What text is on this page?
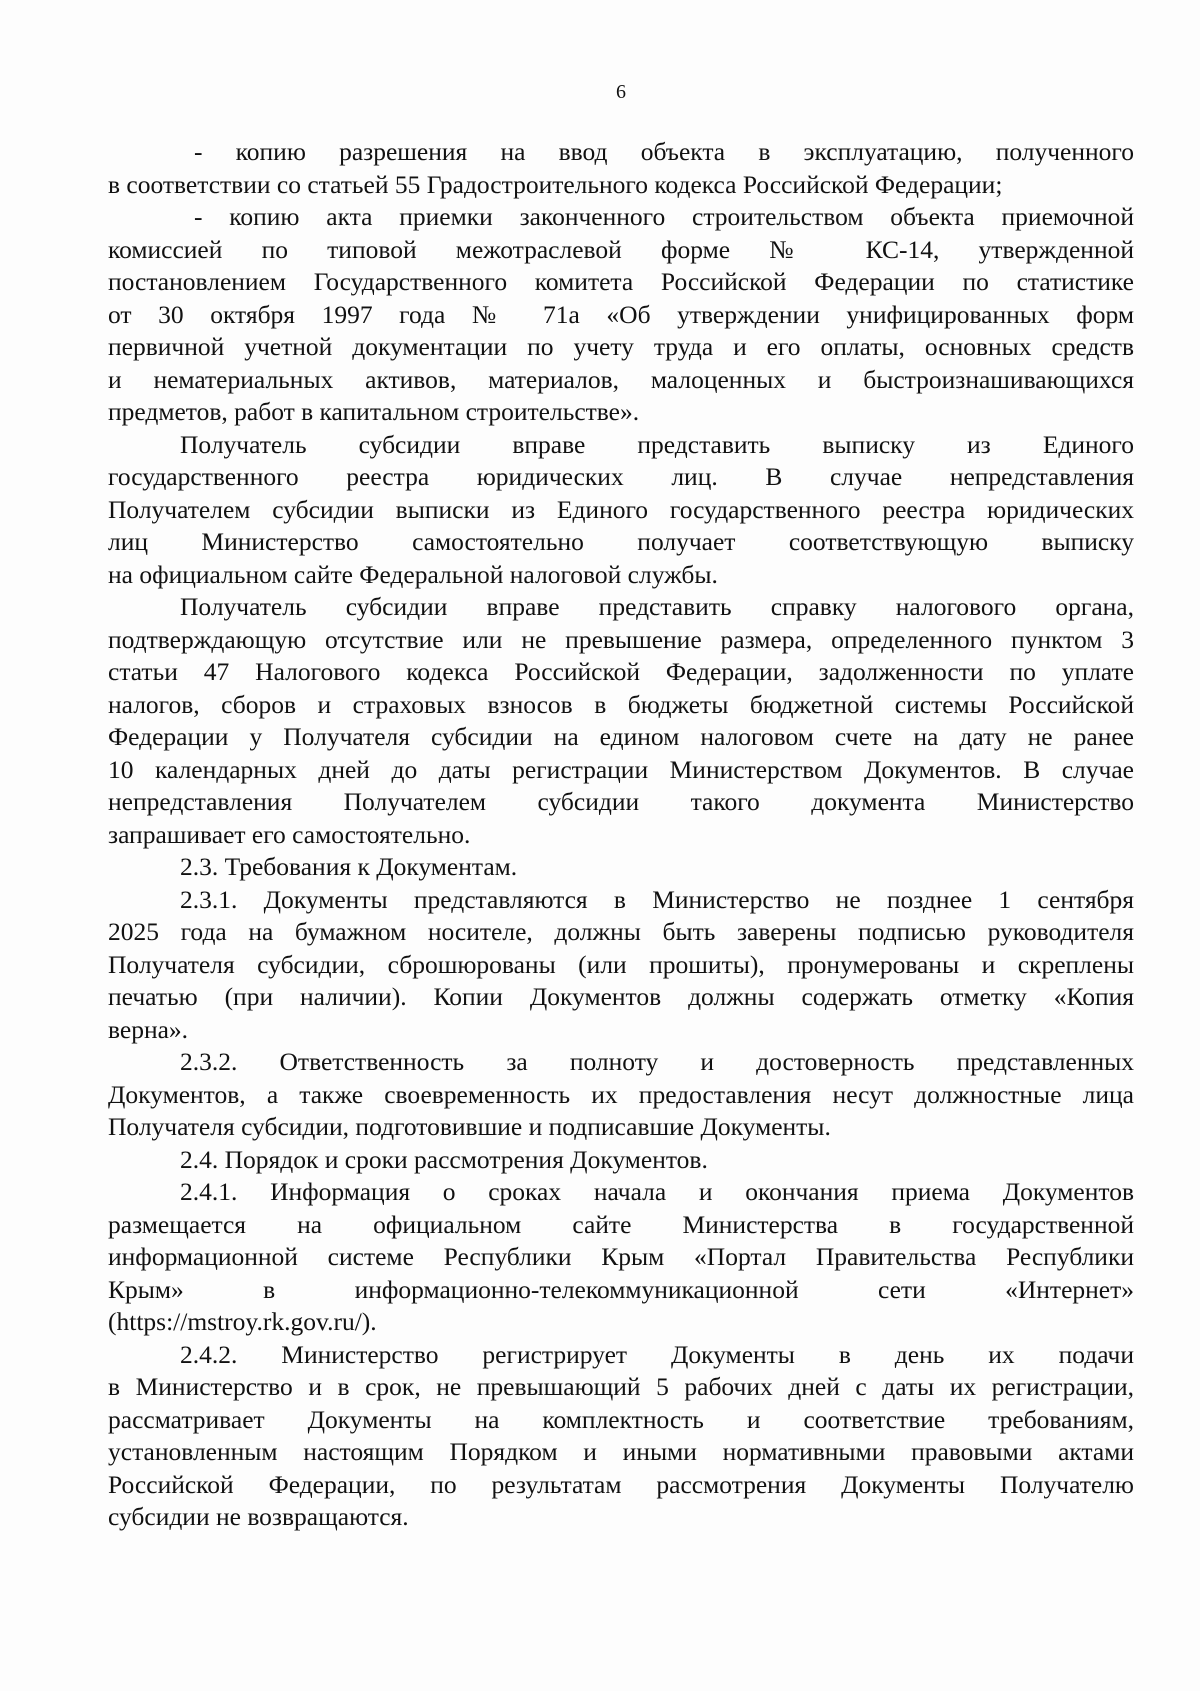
6
- копию разрешения на ввод объекта в эксплуатацию, полученного
в соответствии со статьей 55 Градостроительного кодекса Российской Федерации;
- копию акта приемки законченного строительством объекта приемочной
комиссией по типовой межотраслевой форме № КС-14, утвержденной
постановлением Государственного комитета Российской Федерации по статистике
от 30 октября 1997 года № 71а «Об утверждении унифицированных форм
первичной учетной документации по учету труда и его оплаты, основных средств
и нематериальных активов, материалов, малоценных и быстроизнашивающихся
предметов, работ в капитальном строительстве».
Получатель субсидии вправе представить выписку из Единого
государственного реестра юридических лиц. В случае непредставления
Получателем субсидии выписки из Единого государственного реестра юридических
лиц Министерство самостоятельно получает соответствующую выписку
на официальном сайте Федеральной налоговой службы.
Получатель субсидии вправе представить справку налогового органа,
подтверждающую отсутствие или не превышение размера, определенного пунктом 3
статьи 47 Налогового кодекса Российской Федерации, задолженности по уплате
налогов, сборов и страховых взносов в бюджеты бюджетной системы Российской
Федерации у Получателя субсидии на едином налоговом счете на дату не ранее
10 календарных дней до даты регистрации Министерством Документов. В случае
непредставления Получателем субсидии такого документа Министерство
запрашивает его самостоятельно.
2.3. Требования к Документам.
2.3.1. Документы представляются в Министерство не позднее 1 сентября
2025 года на бумажном носителе, должны быть заверены подписью руководителя
Получателя субсидии, сброшюрованы (или прошиты), пронумерованы и скреплены
печатью (при наличии). Копии Документов должны содержать отметку «Копия
верна».
2.3.2. Ответственность за полноту и достоверность представленных
Документов, а также своевременность их предоставления несут должностные лица
Получателя субсидии, подготовившие и подписавшие Документы.
2.4. Порядок и сроки рассмотрения Документов.
2.4.1. Информация о сроках начала и окончания приема Документов
размещается на официальном сайте Министерства в государственной
информационной системе Республики Крым «Портал Правительства Республики
Крым» в информационно-телекоммуникационной сети «Интернет»
(https://mstroy.rk.gov.ru/).
2.4.2. Министерство регистрирует Документы в день их подачи
в Министерство и в срок, не превышающий 5 рабочих дней с даты их регистрации,
рассматривает Документы на комплектность и соответствие требованиям,
установленным настоящим Порядком и иными нормативными правовыми актами
Российской Федерации, по результатам рассмотрения Документы Получателю
субсидии не возвращаются.
